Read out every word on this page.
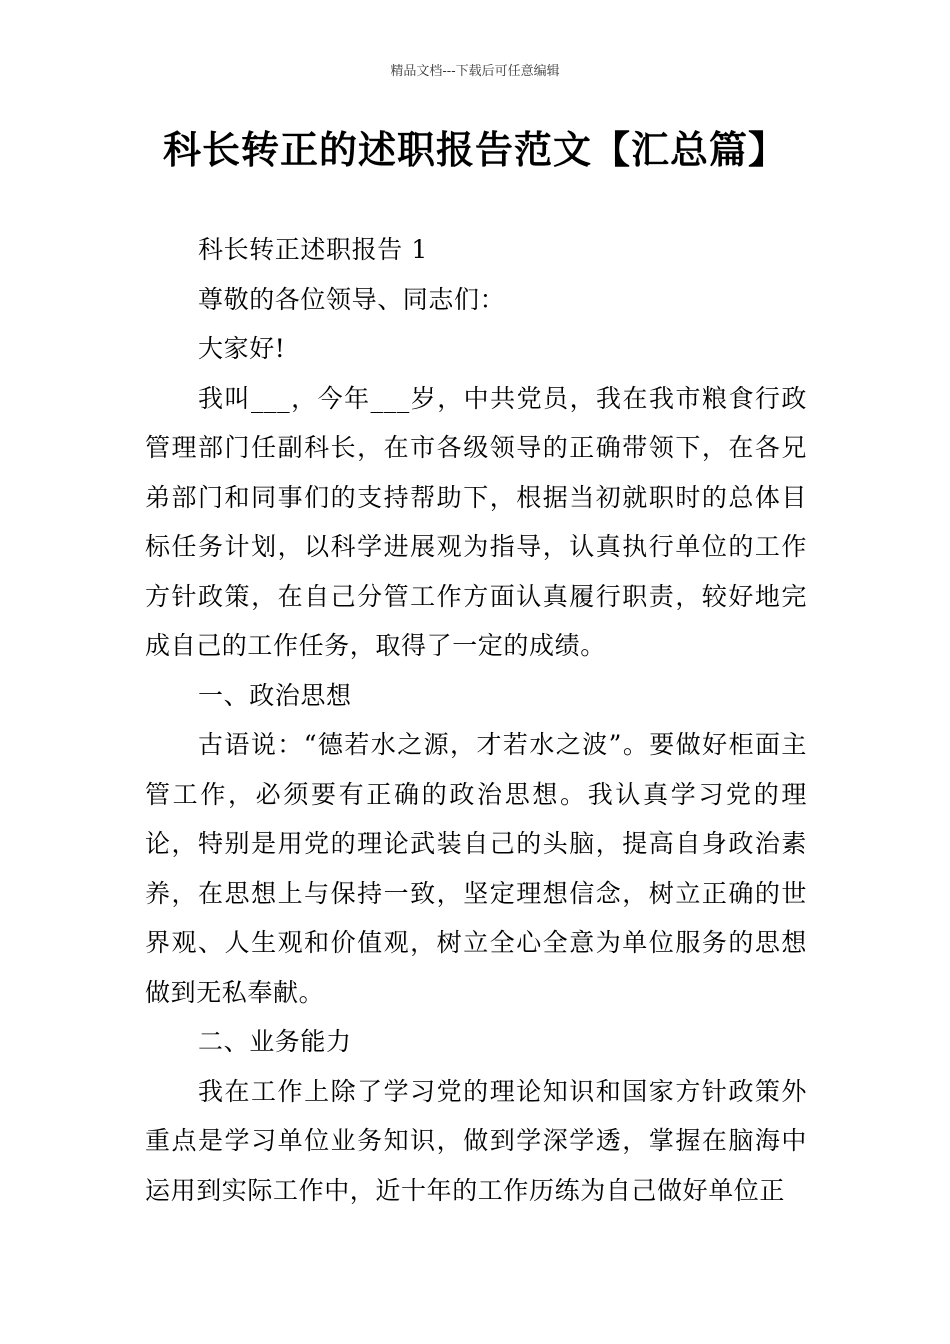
精品文档---下载后可任意编辑
科长转正的述职报告范文【汇总篇】

科长转正述职报告 1

尊敬的各位领导、同志们：

大家好!

我叫___，今年___岁，中共党员，我在我市粮食行政管理部门任副科长，在市各级领导的正确带领下，在各兄弟部门和同事们的支持帮助下，根据当初就职时的总体目标任务计划，以科学进展观为指导，认真执行单位的工作方针政策，在自己分管工作方面认真履行职责，较好地完成自己的工作任务，取得了一定的成绩。

一、政治思想

古语说：“德若水之源，才若水之波”。要做好柜面主管工作，必须要有正确的政治思想。我认真学习党的理论，特别是用党的理论武装自己的头脑，提高自身政治素养，在思想上与保持一致，坚定理想信念，树立正确的世界观、人生观和价值观，树立全心全意为单位服务的思想做到无私奉献。

二、业务能力

我在工作上除了学习党的理论知识和国家方针政策外重点是学习单位业务知识，做到学深学透，掌握在脑海中运用到实际工作中，近十年的工作历练为自己做好单位正
